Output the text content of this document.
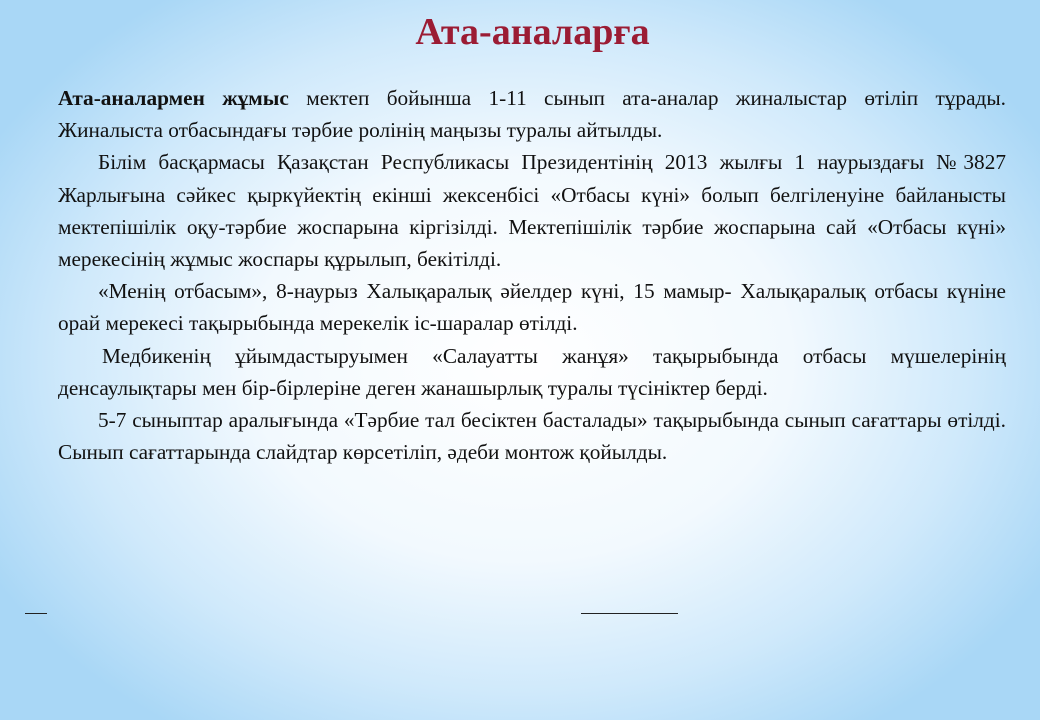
Ата-аналарға

Ата-аналармен жұмыс мектеп бойынша 1-11 сынып ата-аналар жиналыстар өтіліп тұрады. Жиналыста отбасындағы тәрбие ролінің маңызы туралы айтылды.

Білім басқармасы Қазақстан Республикасы Президентінің 2013 жылғы 1 наурыздағы №3827 Жарлығына сәйкес қыркүйектің екінші жексенбісі «Отбасы күні» болып белгіленуіне байланысты мектепішілік оқу-тәрбие жоспарына кіргізілді. Мектепішілік тәрбие жоспарына сай «Отбасы күні» мерекесінің жұмыс жоспары құрылып, бекітілді.

«Менің отбасым», 8-наурыз Халықаралық әйелдер күні, 15 мамыр- Халықаралық отбасы күніне орай мерекесі тақырыбында мерекелік іс-шаралар өтілді.

Медбикенің ұйымдастыруымен «Салауатты жанұя» тақырыбында отбасы мүшелерінің денсаулықтары мен бір-бірлеріне деген жанашырлық туралы түсініктер берді.

5-7 сыныптар аралығында «Тәрбие тал бесіктен басталады» тақырыбында сынып сағаттары өтілді. Сынып сағаттарында слайдтар көрсетіліп, әдеби монтож қойылды.
